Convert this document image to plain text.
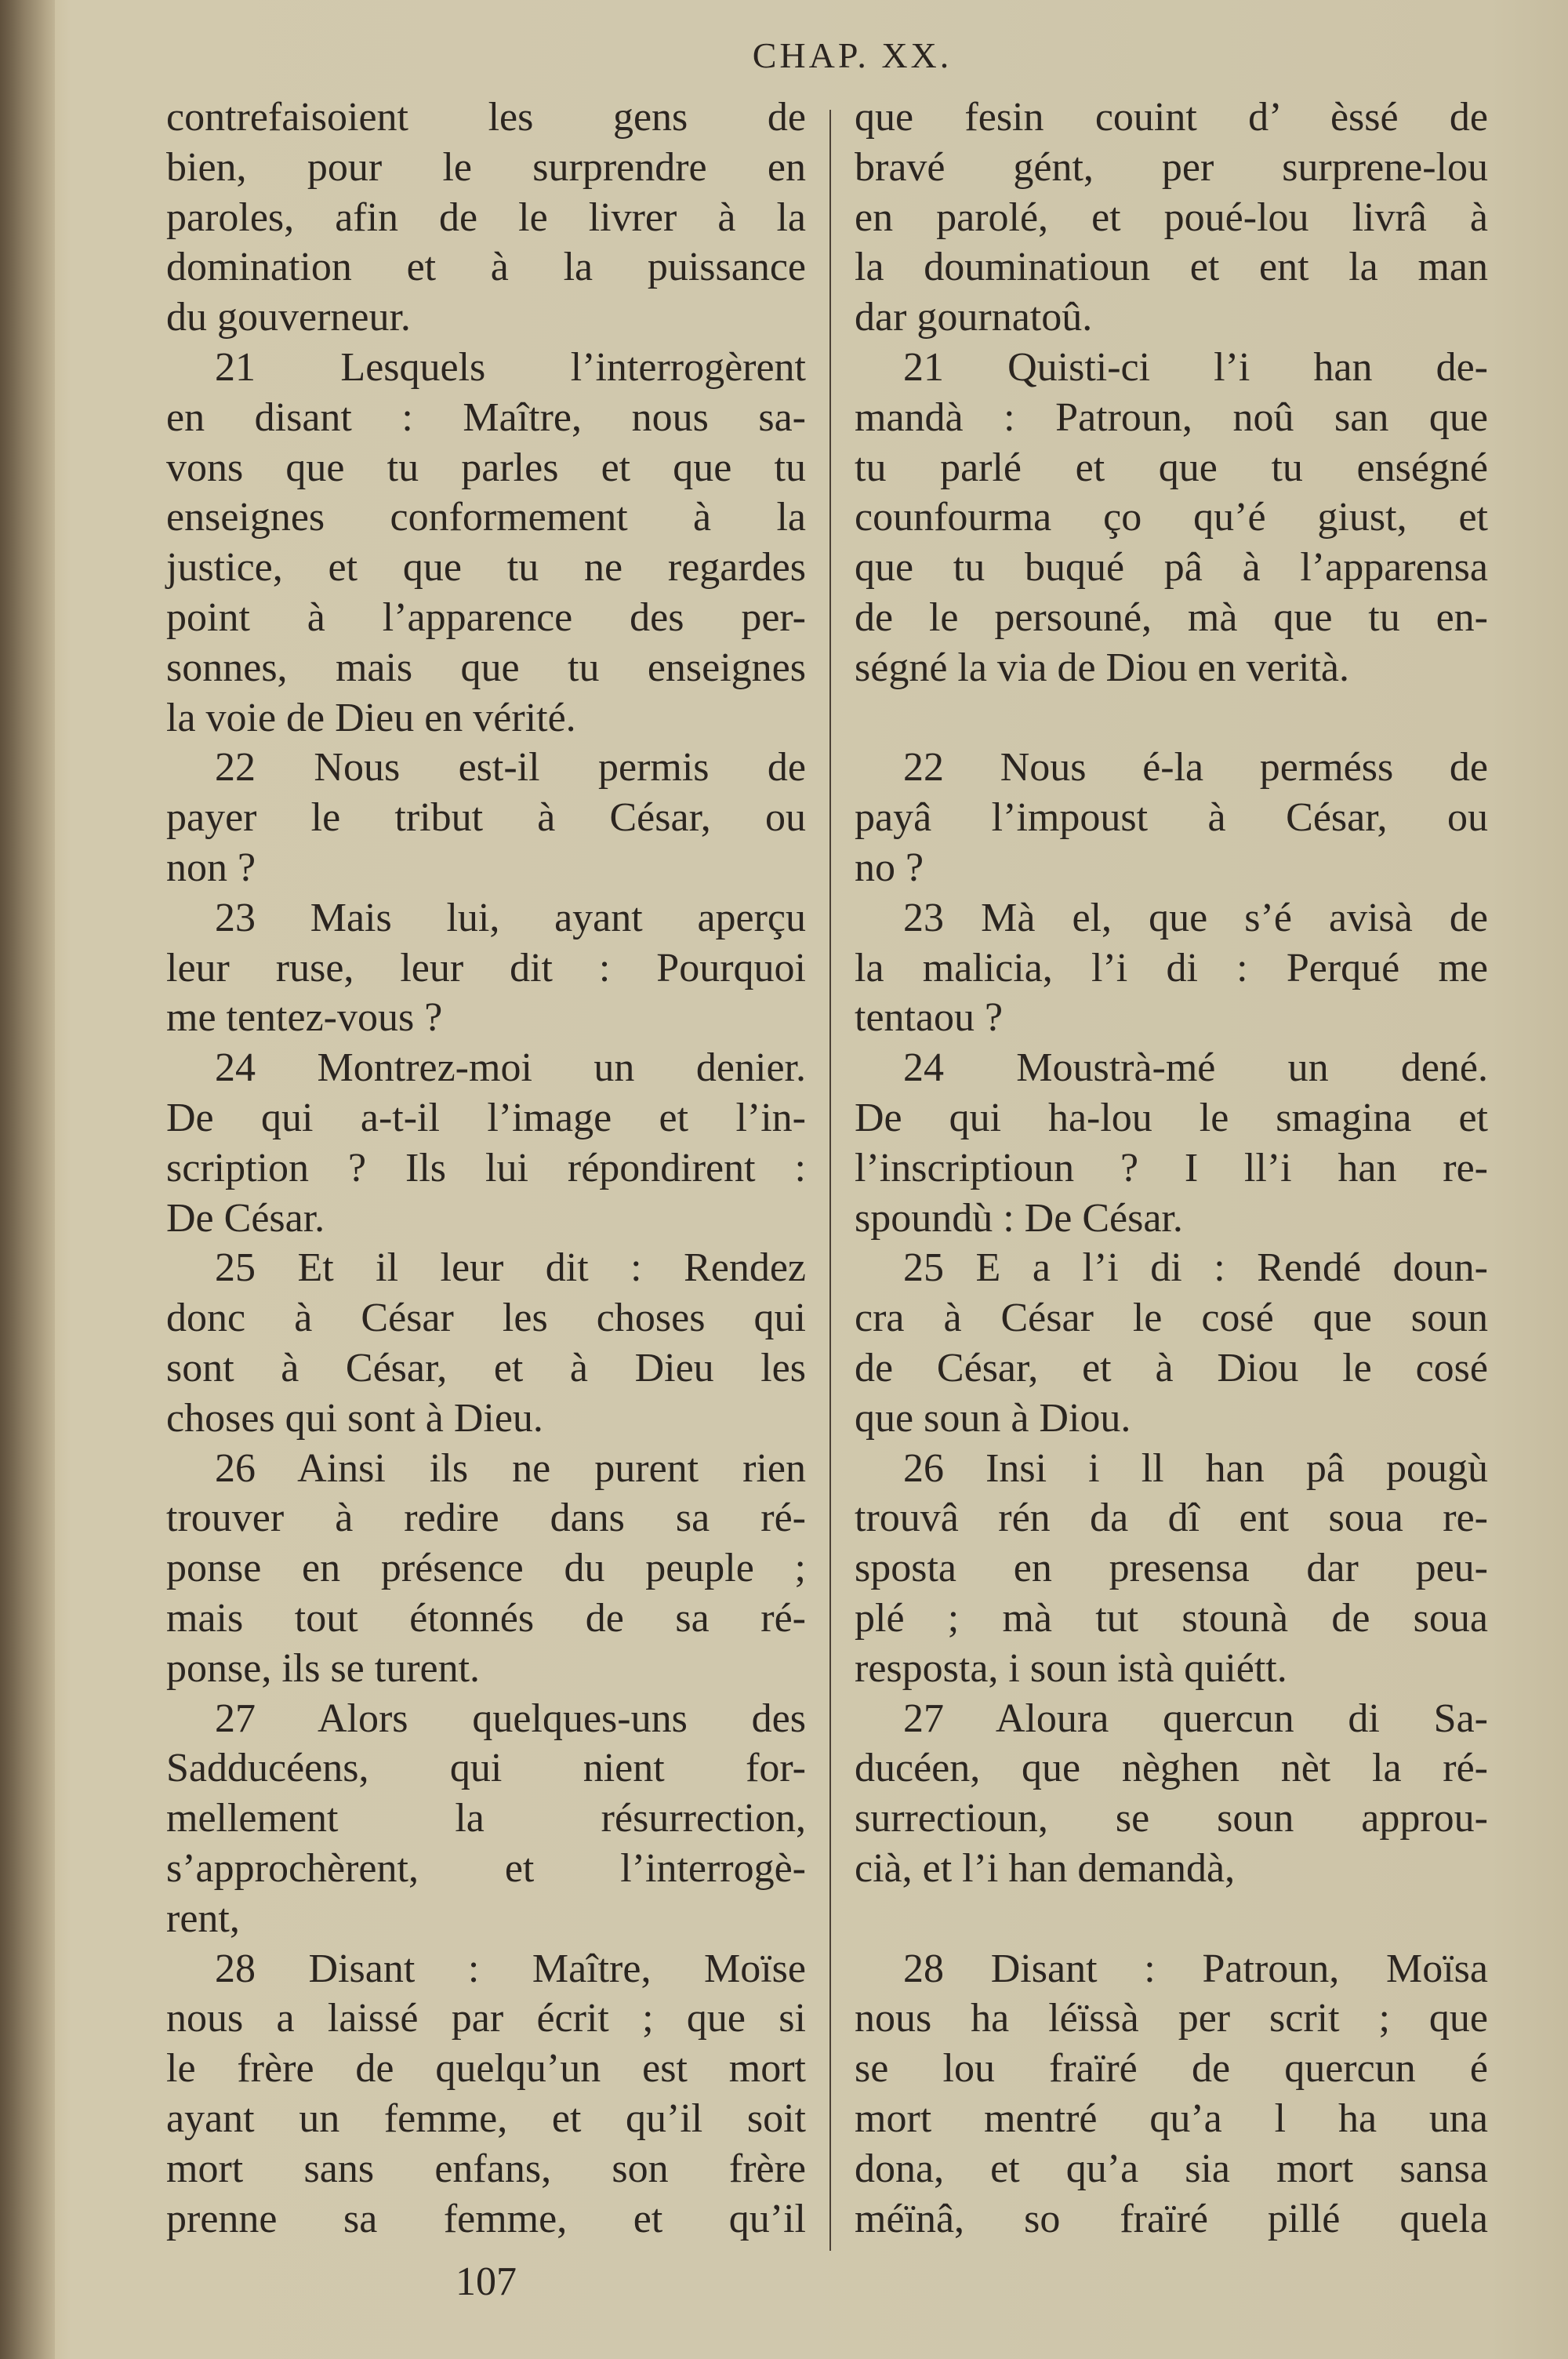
CHAP. XX.
contrefaisoient les gens de
bien, pour le surprendre en
paroles, afin de le livrer à la
domination et à la puissance
du gouverneur.
21 Lesquels l’interrogèrent
en disant : Maître, nous sa-
vons que tu parles et que tu
enseignes conformement à la
justice, et que tu ne regardes
point à l’apparence des per-
sonnes, mais que tu enseignes
la voie de Dieu en vérité.
22 Nous est-il permis de
payer le tribut à César, ou
non ?
23 Mais lui, ayant aperçu
leur ruse, leur dit : Pourquoi
me tentez-vous ?
24 Montrez-moi un denier.
De qui a-t-il l’image et l’in-
scription ? Ils lui répondirent :
De César.
25 Et il leur dit : Rendez
donc à César les choses qui
sont à César, et à Dieu les
choses qui sont à Dieu.
26 Ainsi ils ne purent rien
trouver à redire dans sa ré-
ponse en présence du peuple ;
mais tout étonnés de sa ré-
ponse, ils se turent.
27 Alors quelques-uns des
Sadducéens, qui nient for-
mellement la résurrection,
s’approchèrent, et l’interrogè-
rent,
28 Disant : Maître, Moïse
nous a laissé par écrit ; que si
le frère de quelqu’un est mort
ayant un femme, et qu’il soit
mort sans enfans, son frère
prenne sa femme, et qu’il
que fesin couint d’ èssé de
bravé gént, per surprene-lou
en parolé, et poué-lou livrâ à
la douminatioun et ent la man
dar gournatoû.
21 Quisti-ci l’i han de-
mandà : Patroun, noû san que
tu parlé et que tu enségné
counfourma ço qu’é giust, et
que tu buqué pâ à l’apparensa
de le persouné, mà que tu en-
ségné la via de Diou en verità.
22 Nous é-la perméss de
payâ l’impoust à César, ou
no ?
23 Mà el, que s’é avisà de
la malicia, l’i di : Perqué me
tentaou ?
24 Moustrà-mé un dené.
De qui ha-lou le smagina et
l’inscriptioun ? I ll’i han re-
spoundù : De César.
25 E a l’i di : Rendé doun-
cra à César le cosé que soun
de César, et à Diou le cosé
que soun à Diou.
26 Insi i ll han pâ pougù
trouvâ rén da dî ent soua re-
sposta en presensa dar peu-
plé ; mà tut stounà de soua
resposta, i soun istà quiétt.
27 Aloura quercun di Sa-
ducéen, que nèghen nèt la ré-
surrectioun, se soun approu-
cià, et l’i han demandà,
28 Disant : Patroun, Moïsa
nous ha léïssà per scrit ; que
se lou fraïré de quercun é
mort mentré qu’a l ha una
dona, et qu’a sia mort sansa
méïnâ, so fraïré pillé quela
107
